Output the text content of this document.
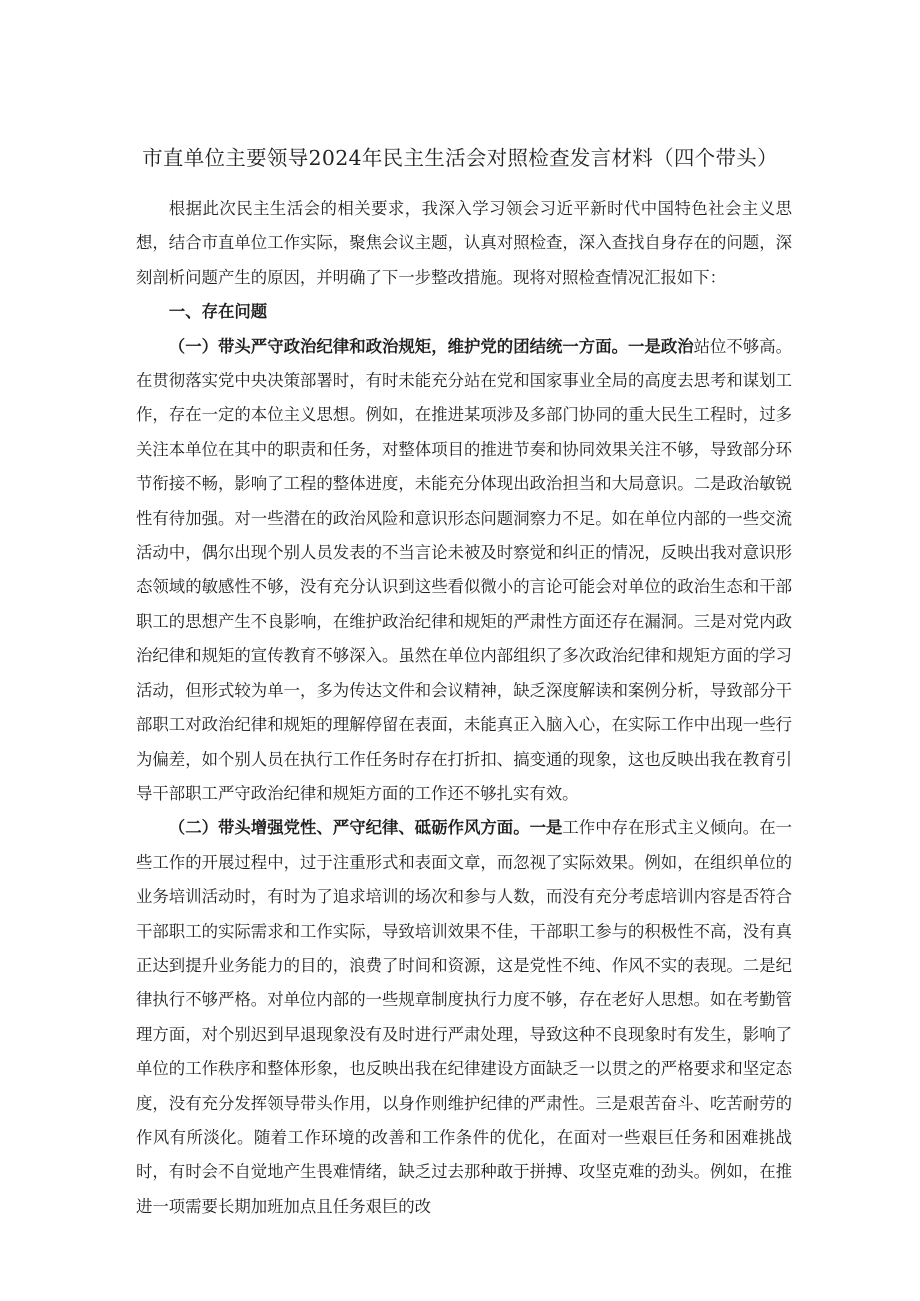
市直单位主要领导2024年民主生活会对照检查发言材料（四个带头）

根据此次民主生活会的相关要求，我深入学习领会习近平新时代中国特色社会主义思想，结合市直单位工作实际，聚焦会议主题，认真对照检查，深入查找自身存在的问题，深刻剖析问题产生的原因，并明确了下一步整改措施。现将对照检查情况汇报如下：

一、存在问题

（一）带头严守政治纪律和政治规矩，维护党的团结统一方面。一是政治站位不够高。在贯彻落实党中央决策部署时，有时未能充分站在党和国家事业全局的高度去思考和谋划工作，存在一定的本位主义思想。例如，在推进某项涉及多部门协同的重大民生工程时，过多关注本单位在其中的职责和任务，对整体项目的推进节奏和协同效果关注不够，导致部分环节衔接不畅，影响了工程的整体进度，未能充分体现出政治担当和大局意识。二是政治敏锐性有待加强。对一些潜在的政治风险和意识形态问题洞察力不足。如在单位内部的一些交流活动中，偶尔出现个别人员发表的不当言论未被及时察觉和纠正的情况，反映出我对意识形态领域的敏感性不够，没有充分认识到这些看似微小的言论可能会对单位的政治生态和干部职工的思想产生不良影响，在维护政治纪律和规矩的严肃性方面还存在漏洞。三是对党内政治纪律和规矩的宣传教育不够深入。虽然在单位内部组织了多次政治纪律和规矩方面的学习活动，但形式较为单一，多为传达文件和会议精神，缺乏深度解读和案例分析，导致部分干部职工对政治纪律和规矩的理解停留在表面，未能真正入脑入心，在实际工作中出现一些行为偏差，如个别人员在执行工作任务时存在打折扣、搞变通的现象，这也反映出我在教育引导干部职工严守政治纪律和规矩方面的工作还不够扎实有效。

（二）带头增强党性、严守纪律、砥砺作风方面。一是工作中存在形式主义倾向。在一些工作的开展过程中，过于注重形式和表面文章，而忽视了实际效果。例如，在组织单位的业务培训活动时，有时为了追求培训的场次和参与人数，而没有充分考虑培训内容是否符合干部职工的实际需求和工作实际，导致培训效果不佳，干部职工参与的积极性不高，没有真正达到提升业务能力的目的，浪费了时间和资源，这是党性不纯、作风不实的表现。二是纪律执行不够严格。对单位内部的一些规章制度执行力度不够，存在老好人思想。如在考勤管理方面，对个别迟到早退现象没有及时进行严肃处理，导致这种不良现象时有发生，影响了单位的工作秩序和整体形象，也反映出我在纪律建设方面缺乏一以贯之的严格要求和坚定态度，没有充分发挥领导带头作用，以身作则维护纪律的严肃性。三是艰苦奋斗、吃苦耐劳的作风有所淡化。随着工作环境的改善和工作条件的优化，在面对一些艰巨任务和困难挑战时，有时会不自觉地产生畏难情绪，缺乏过去那种敢于拼搏、攻坚克难的劲头。例如，在推进一项需要长期加班加点且任务艰巨的改
